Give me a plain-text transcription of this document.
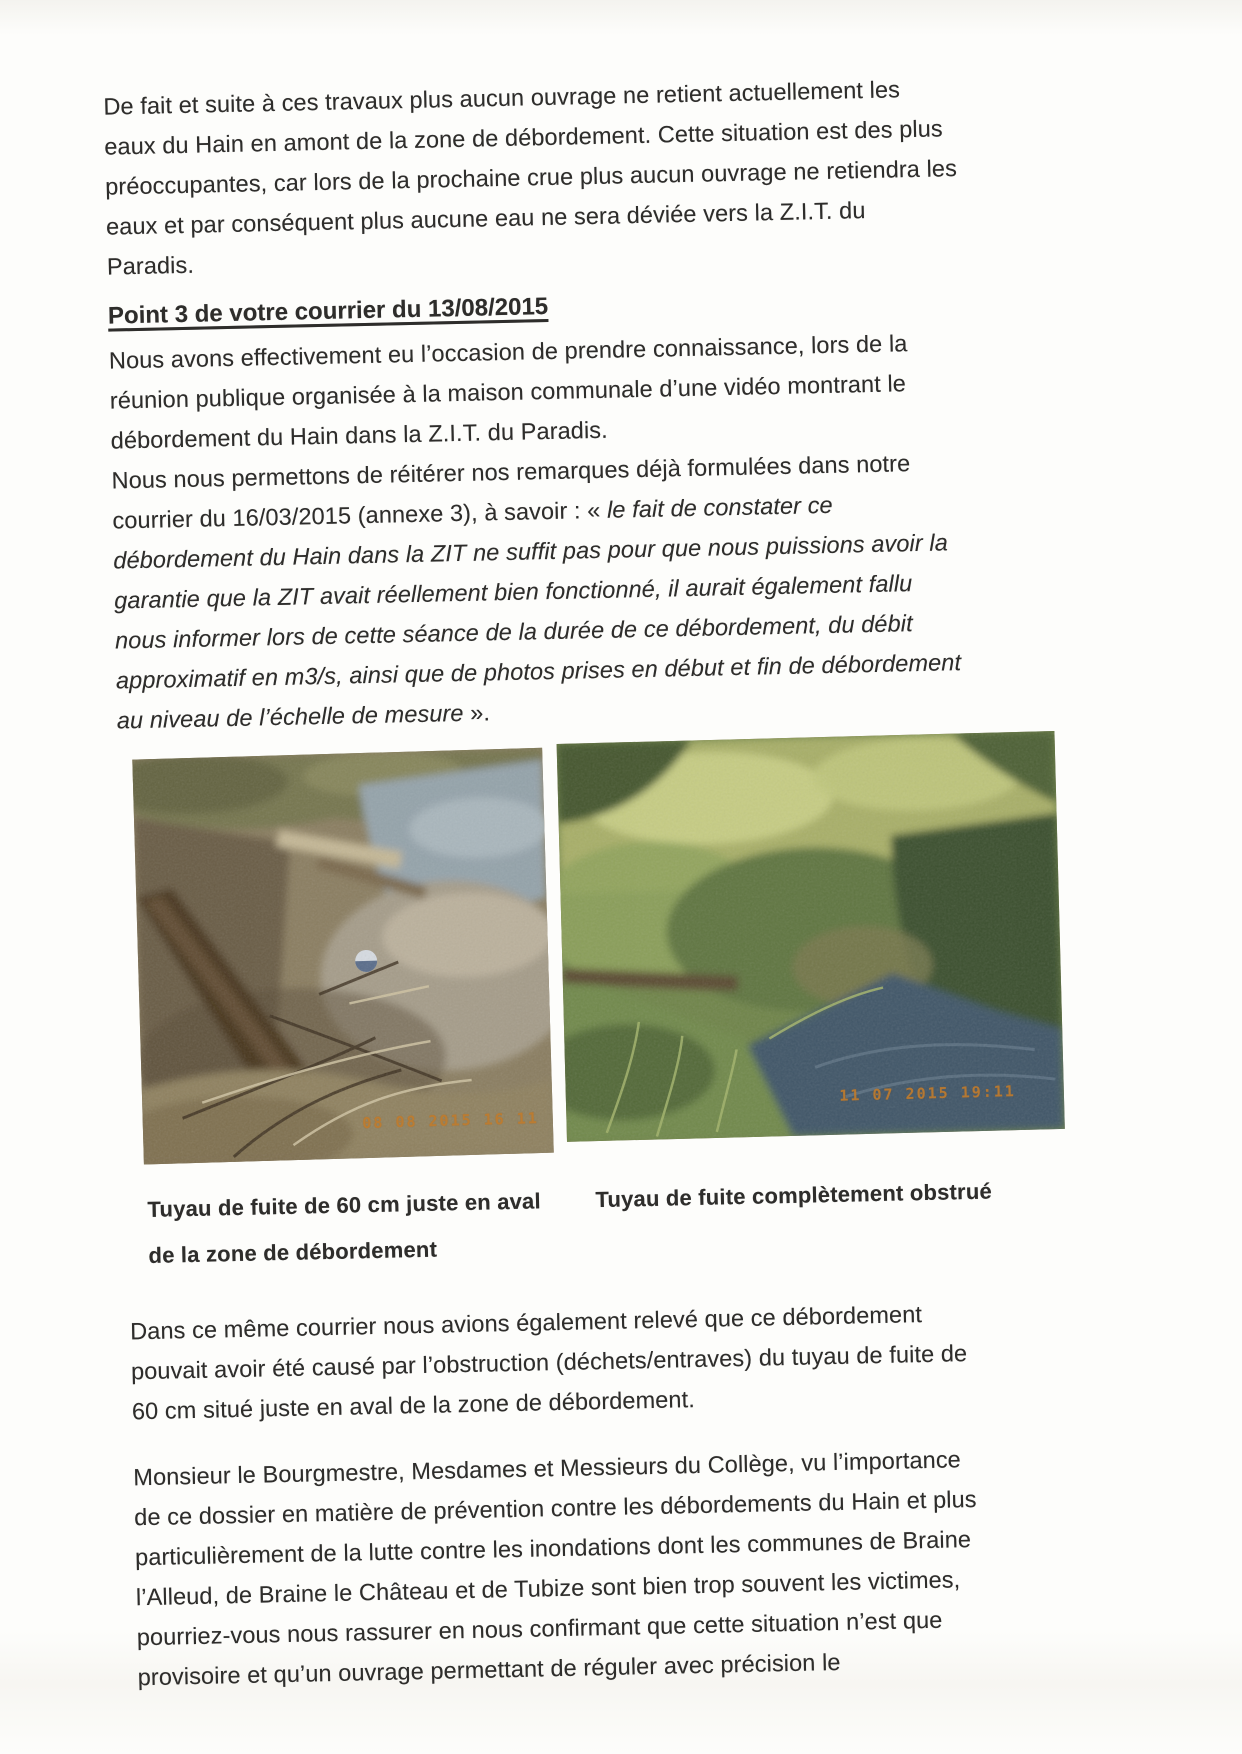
De fait et suite à ces travaux plus aucun ouvrage ne retient actuellement les eaux du Hain en amont de la zone de débordement. Cette situation est des plus préoccupantes, car lors de la prochaine crue plus aucun ouvrage ne retiendra les eaux et par conséquent plus aucune eau ne sera déviée vers la Z.I.T. du Paradis.

Point 3 de votre courrier du 13/08/2015

Nous avons effectivement eu l’occasion de prendre connaissance, lors de la réunion publique organisée à la maison communale d’une vidéo montrant le débordement du Hain dans la Z.I.T. du Paradis.

Nous nous permettons de réitérer nos remarques déjà formulées dans notre courrier du 16/03/2015 (annexe 3), à savoir : « le fait de constater ce débordement du Hain dans la ZIT ne suffit pas pour que nous puissions avoir la garantie que la ZIT avait réellement bien fonctionné, il aurait également fallu nous informer lors de cette séance de la durée de ce débordement, du débit approximatif en m3/s, ainsi que de photos prises en début et fin de débordement au niveau de l’échelle de mesure ».

08 08 2015 16 11
11 07 2015 19:11
Tuyau de fuite de 60 cm juste en aval
de la zone de débordement
Tuyau de fuite complètement obstrué

Dans ce même courrier nous avions également relevé que ce débordement pouvait avoir été causé par l’obstruction (déchets/entraves) du tuyau de fuite de 60 cm situé juste en aval de la zone de débordement.

Monsieur le Bourgmestre, Mesdames et Messieurs du Collège, vu l’importance de ce dossier en matière de prévention contre les débordements du Hain et plus particulièrement de la lutte contre les inondations dont les communes de Braine l’Alleud, de Braine le Château et de Tubize sont bien trop souvent les victimes, pourriez-vous nous rassurer en nous confirmant que cette situation n’est que provisoire et qu’un ouvrage permettant de réguler avec précision le
